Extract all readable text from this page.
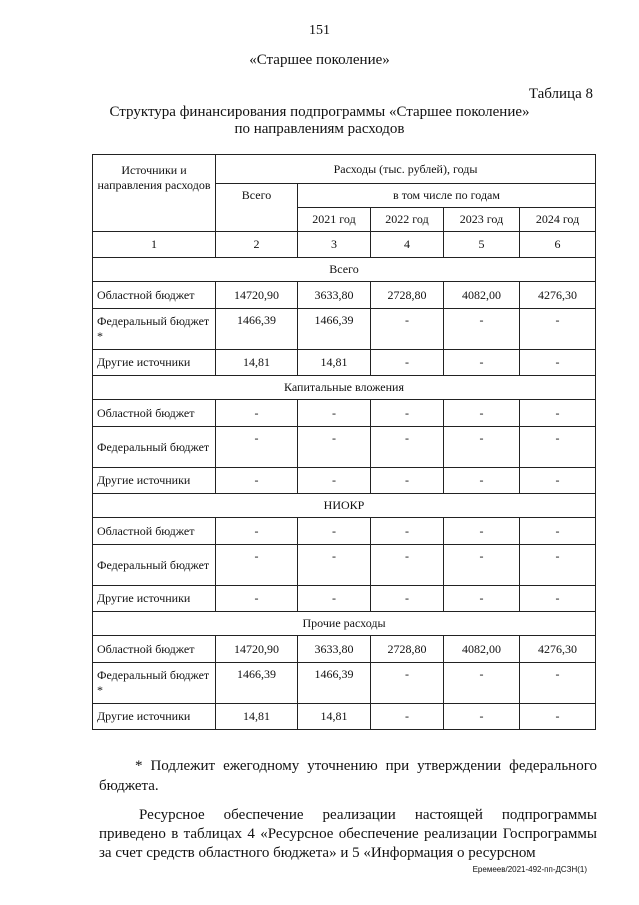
151
«Старшее поколение»
Таблица 8
Структура финансирования подпрограммы «Старшее поколение»
по направлениям расходов
Источники и направления расходов	Расходы (тыс. рублей), годы				
	Всего	в том числе по годам			
		2021 год	2022 год	2023 год	2024 год
1	2	3	4	5	6
Всего					
Областной бюджет	14720,90	3633,80	2728,80	4082,00	4276,30
Федеральный бюджет *	1466,39	1466,39	-	-	-
Другие источники	14,81	14,81	-	-	-
Капитальные вложения					
Областной бюджет	-	-	-	-	-
Федеральный бюджет	-	-	-	-	-
Другие источники	-	-	-	-	-
НИОКР					
Областной бюджет	-	-	-	-	-
Федеральный бюджет	-	-	-	-	-
Другие источники	-	-	-	-	-
Прочие расходы					
Областной бюджет	14720,90	3633,80	2728,80	4082,00	4276,30
Федеральный бюджет *	1466,39	1466,39	-	-	-
Другие источники	14,81	14,81	-	-	-
* Подлежит ежегодному уточнению при утверждении федерального бюджета.
Ресурсное обеспечение реализации настоящей подпрограммы приведено в таблицах 4 «Ресурсное обеспечение реализации Госпрограммы за счет средств областного бюджета» и 5 «Информация о ресурсном
Еремеев/2021-492-пп-ДСЗН(1)
